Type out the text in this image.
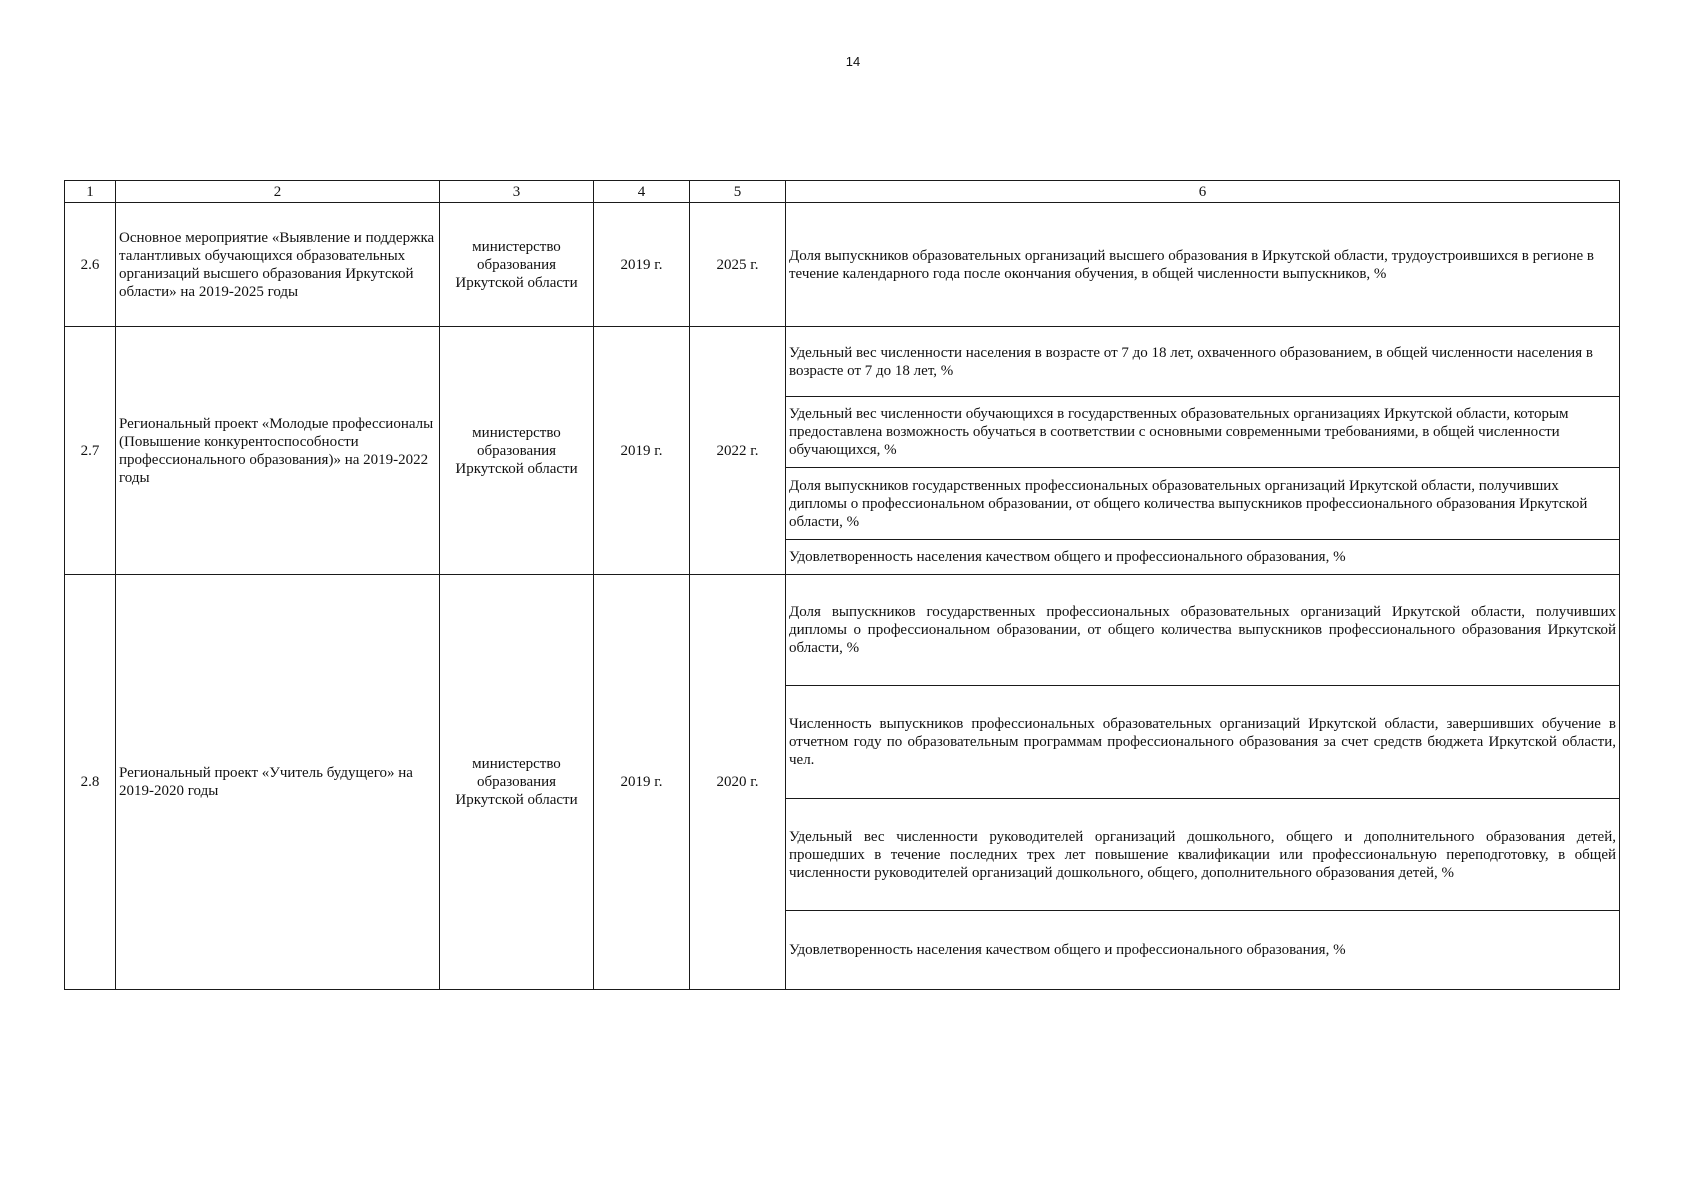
14
1	2	3	4	5	6
2.6	Основное мероприятие «Выявление и поддержка талантливых обучающихся образовательных организаций высшего образования Иркутской области» на 2019-2025 годы	министерство образования Иркутской области	2019 г.	2025 г.	Доля выпускников образовательных организаций высшего образования в Иркутской области, трудоустроившихся в регионе в течение календарного года после окончания обучения, в общей численности выпускников, %
2.7	Региональный проект «Молодые профессионалы (Повышение конкурентоспособности профессионального образования)» на 2019-2022 годы	министерство образования Иркутской области	2019 г.	2022 г.	Удельный вес численности населения в возрасте от 7 до 18 лет, охваченного образованием, в общей численности населения в возрасте от 7 до 18 лет, %
					Удельный вес численности обучающихся в государственных образовательных организациях Иркутской области, которым предоставлена возможность обучаться в соответствии с основными современными требованиями, в общей численности обучающихся, %
					Доля выпускников государственных профессиональных образовательных организаций Иркутской области, получивших дипломы о профессиональном образовании, от общего количества выпускников профессионального образования Иркутской области, %
					Удовлетворенность населения качеством общего и профессионального образования, %
2.8	Региональный проект «Учитель будущего» на 2019-2020 годы	министерство образования Иркутской области	2019 г.	2020 г.	Доля выпускников государственных профессиональных образовательных организаций Иркутской области, получивших дипломы о профессиональном образовании, от общего количества выпускников профессионального образования Иркутской области, %
					Численность выпускников профессиональных образовательных организаций Иркутской области, завершивших обучение в отчетном году по образовательным программам профессионального образования за счет средств бюджета Иркутской области, чел.
					Удельный вес численности руководителей организаций дошкольного, общего и дополнительного образования детей, прошедших в течение последних трех лет повышение квалификации или профессиональную переподготовку, в общей численности руководителей организаций дошкольного, общего, дополнительного образования детей, %
					Удовлетворенность населения качеством общего и профессионального образования, %
